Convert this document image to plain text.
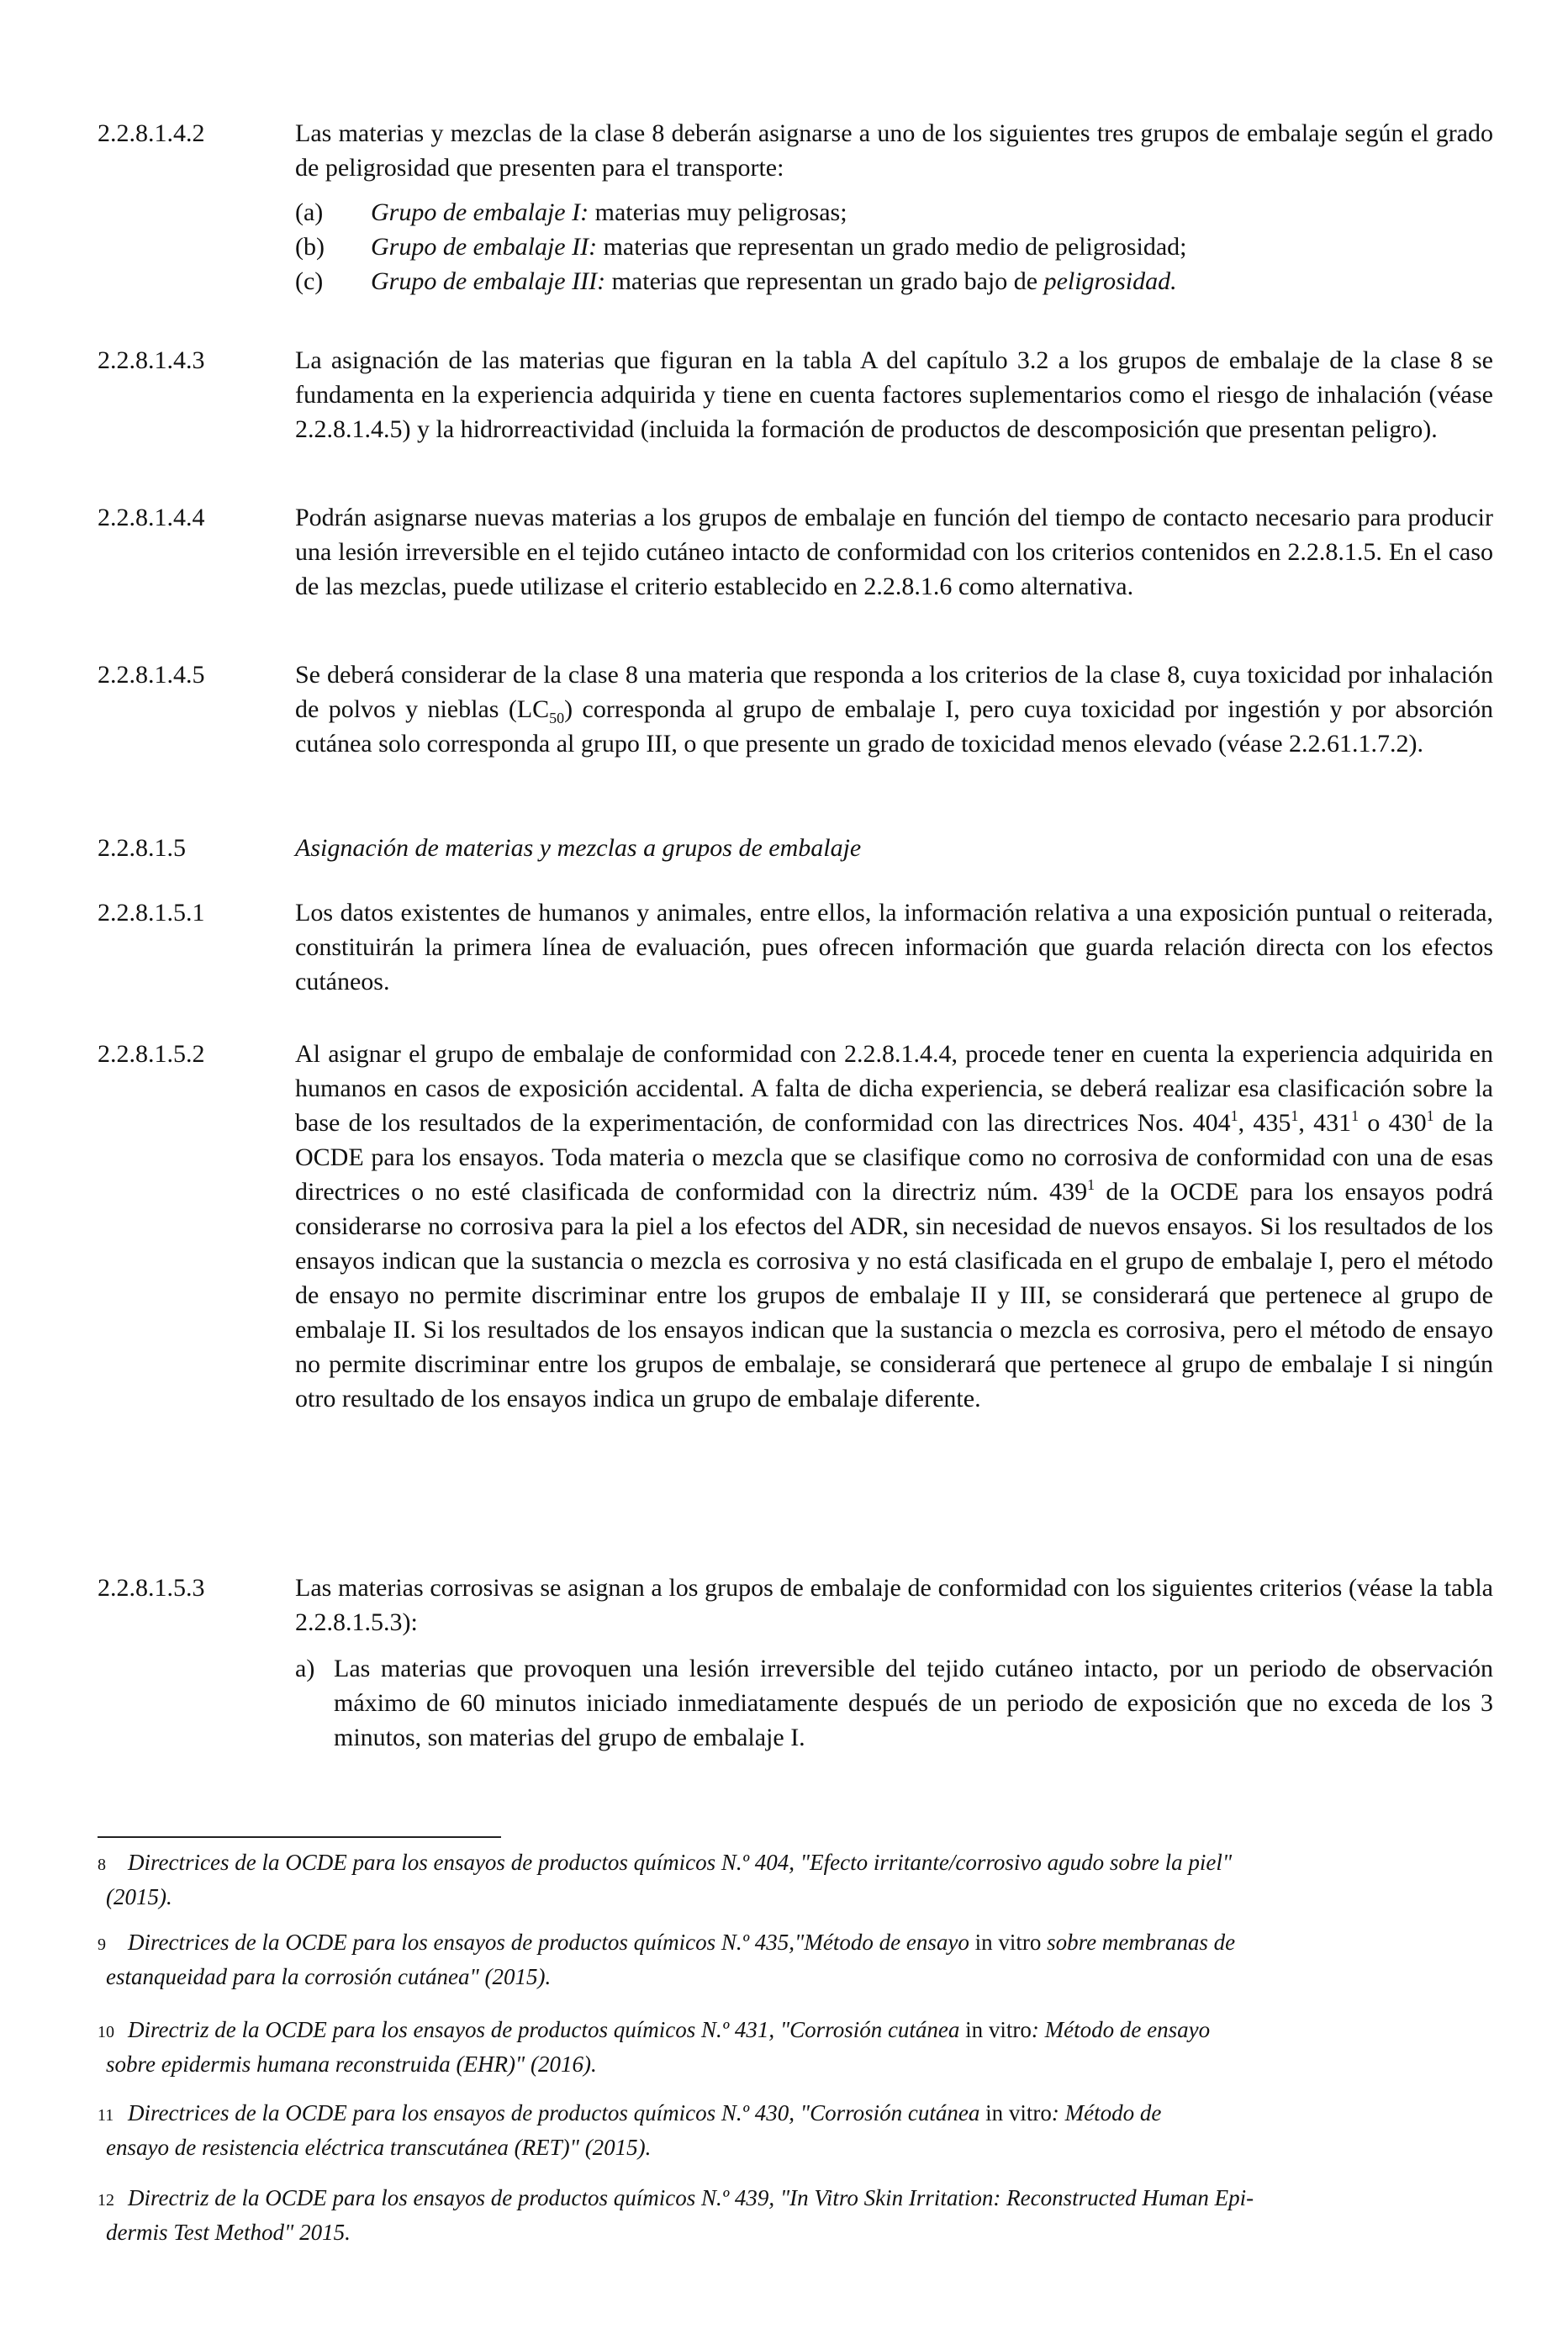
2.2.8.1.4.2	Las materias y mezclas de la clase 8 deberán asignarse a uno de los siguientes tres grupos de embalaje según el grado de peligrosidad que presenten para el transporte:

(a)	Grupo de embalaje I: materias muy peligrosas;
(b)	Grupo de embalaje II: materias que representan un grado medio de peligrosidad;
(c)	Grupo de embalaje III: materias que representan un grado bajo de peligrosidad.
2.2.8.1.4.3	La asignación de las materias que figuran en la tabla A del capítulo 3.2 a los grupos de embalaje de la clase 8 se fundamenta en la experiencia adquirida y tiene en cuenta factores suplementarios como el riesgo de inhalación (véase 2.2.8.1.4.5) y la hidrorreactividad (incluida la formación de productos de descomposición que presentan peligro).

2.2.8.1.4.4	Podrán asignarse nuevas materias a los grupos de embalaje en función del tiempo de contacto necesario para producir una lesión irreversible en el tejido cutáneo intacto de conformidad con los criterios contenidos en 2.2.8.1.5. En el caso de las mezclas, puede utilizase el criterio establecido en 2.2.8.1.6 como alternativa.

2.2.8.1.4.5	Se deberá considerar de la clase 8 una materia que responda a los criterios de la clase 8, cuya toxicidad por inhalación de polvos y nieblas $(LC_{50})$ corresponda al grupo de embalaje I, pero cuya toxicidad por ingestión y por absorción cutánea solo corresponda al grupo III, o que presente un grado de toxicidad menos elevado (véase 2.2.61.1.7.2).

2.2.8.1.5	Asignación de materias y mezclas a grupos de embalaje

2.2.8.1.5.1	Los datos existentes de humanos y animales, entre ellos, la información relativa a una exposición puntual o reiterada, constituirán la primera línea de evaluación, pues ofrecen información que guarda relación directa con los efectos cutáneos.

2.2.8.1.5.2	Al asignar el grupo de embalaje de conformidad con 2.2.8.1.4.4, procede tener en cuenta la experiencia adquirida en humanos en casos de exposición accidental. A falta de dicha experiencia, se deberá realizar esa clasificación sobre la base de los resultados de la experimentación, de conformidad con las directrices Nos. $404^1$, $435^1$, $431^1$ o $430^1$ de la OCDE para los ensayos. Toda materia o mezcla que se clasifique como no corrosiva de conformidad con una de esas directrices o no esté clasificada de conformidad con la directriz núm. $439^1$ de la OCDE para los ensayos podrá considerarse no corrosiva para la piel a los efectos del ADR, sin necesidad de nuevos ensayos. Si los resultados de los ensayos indican que la sustancia o mezcla es corrosiva y no está clasificada en el grupo de embalaje I, pero el método de ensayo no permite discriminar entre los grupos de embalaje II y III, se considerará que pertenece al grupo de embalaje II. Si los resultados de los ensayos indican que la sustancia o mezcla es corrosiva, pero el método de ensayo no permite discriminar entre los grupos de embalaje, se considerará que pertenece al grupo de embalaje I si ningún otro resultado de los ensayos indica un grupo de embalaje diferente.

2.2.8.1.5.3	Las materias corrosivas se asignan a los grupos de embalaje de conformidad con los siguientes criterios (véase la tabla 2.2.8.1.5.3):

a) Las materias que provoquen una lesión irreversible del tejido cutáneo intacto, por un periodo de observación máximo de 60 minutos iniciado inmediatamente después de un periodo de exposición que no exceda de los 3 minutos, son materias del grupo de embalaje I.
8 Directrices de la OCDE para los ensayos de productos químicos N.º 404, "Efecto irritante/corrosivo agudo sobre la piel"
(2015).
9 Directrices de la OCDE para los ensayos de productos químicos N.º 435,"Método de ensayo in vitro sobre membranas de
estanqueidad para la corrosión cutánea" (2015).
10 Directriz de la OCDE para los ensayos de productos químicos N.º 431, "Corrosión cutánea in vitro: Método de ensayo
sobre epidermis humana reconstruida (EHR)" (2016).
11 Directrices de la OCDE para los ensayos de productos químicos N.º 430, "Corrosión cutánea in vitro: Método de
ensayo de resistencia eléctrica transcutánea (RET)" (2015).
12 Directriz de la OCDE para los ensayos de productos químicos N.º 439, "In Vitro Skin Irritation: Reconstructed Human Epi-
dermis Test Method" 2015.
